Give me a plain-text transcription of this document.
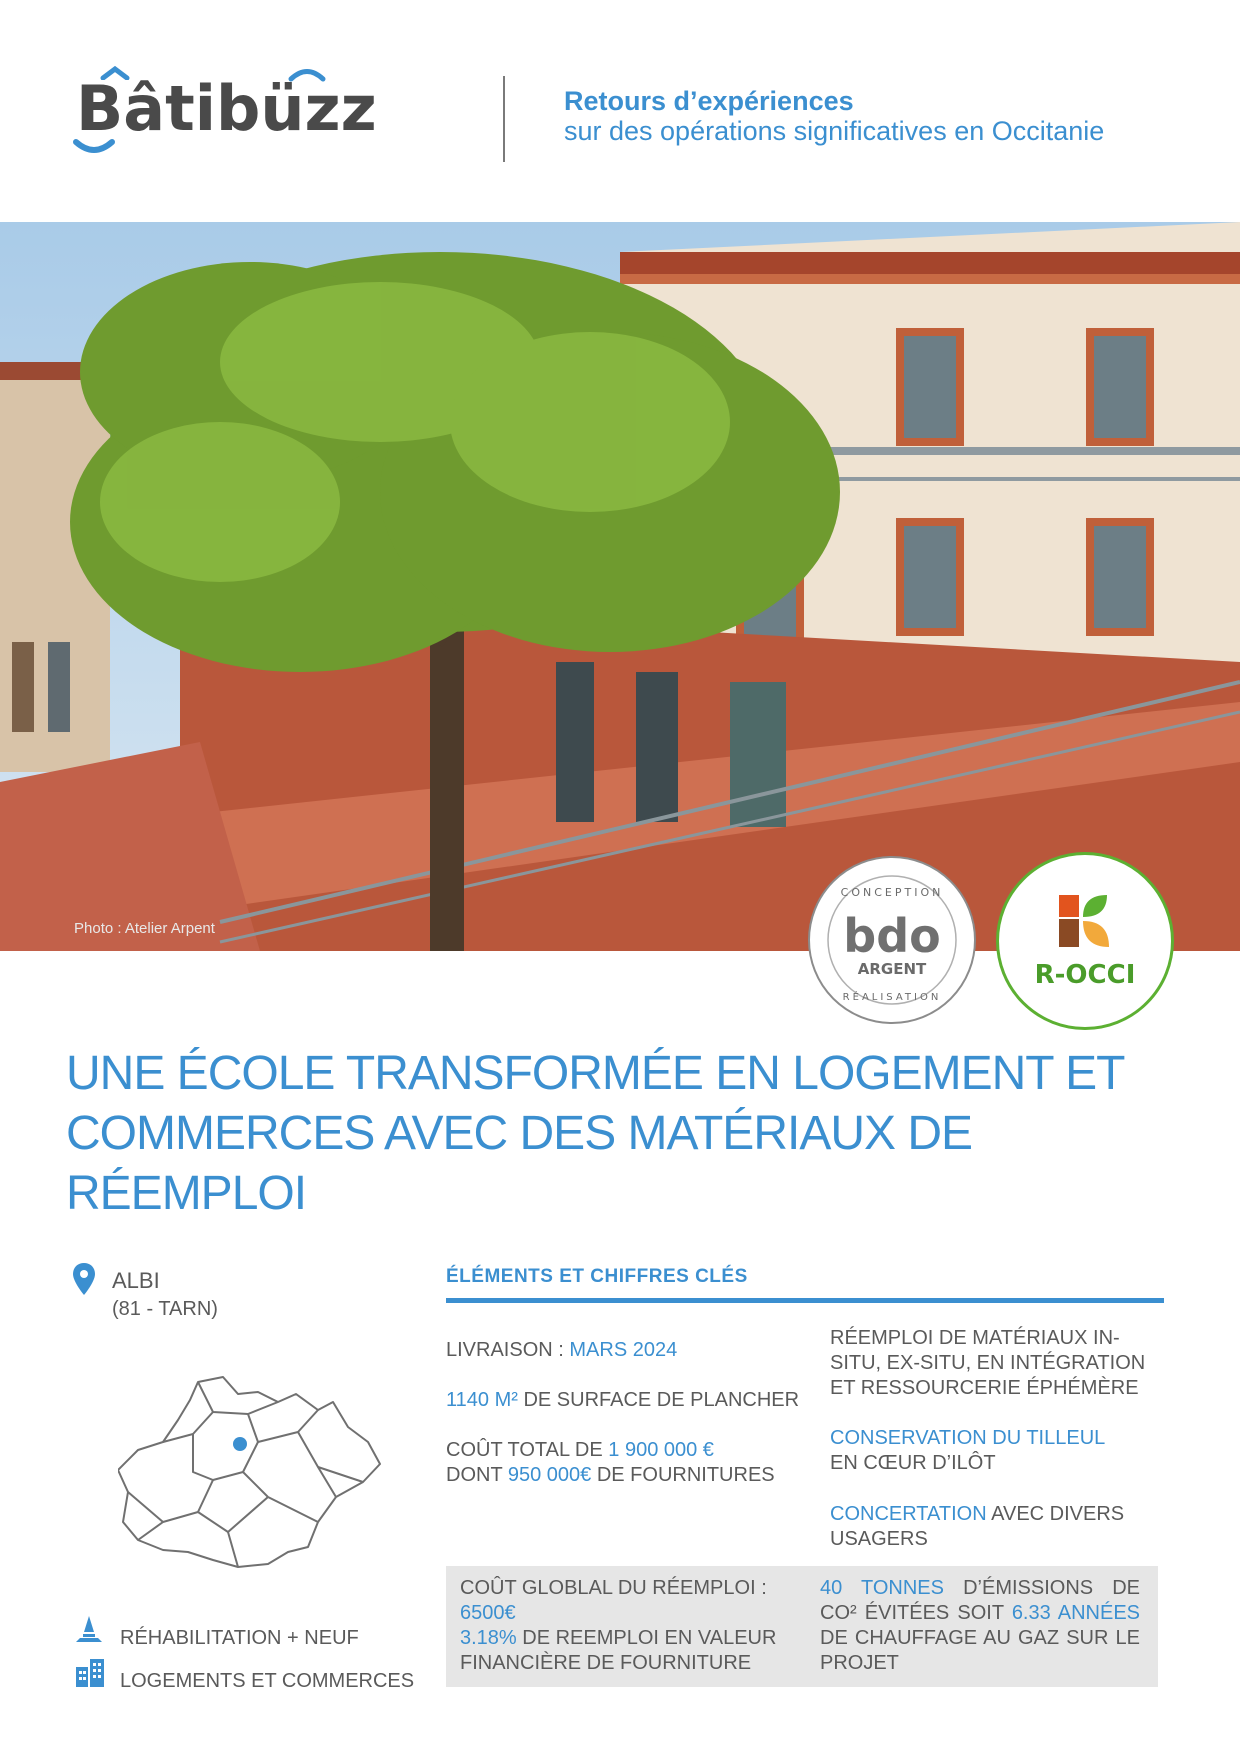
Bâtibüzz	Retours d’expériences
sur des opérations significatives en Occitanie
Photo : Atelier Arpent
CONCEPTION
bdo
ARGENT
RÉALISATION
R-OCCI
UNE ÉCOLE TRANSFORMÉE EN LOGEMENT ET COMMERCES AVEC DES MATÉRIAUX DE RÉEMPLOI
ALBI
(81 - TARN)
RÉHABILITATION + NEUF
LOGEMENTS ET COMMERCES
ÉLÉMENTS ET CHIFFRES CLÉS
LIVRAISON : MARS 2024
1140 M² DE SURFACE DE PLANCHER
COÛT TOTAL DE 1 900 000 €
DONT 950 000€ DE FOURNITURES
RÉEMPLOI DE MATÉRIAUX IN-SITU, EX-SITU, EN INTÉGRATION ET RESSOURCERIE ÉPHÉMÈRE
CONSERVATION DU TILLEUL
EN CŒUR D’ILÔT
CONCERTATION AVEC DIVERS USAGERS
COÛT GLOBLAL DU RÉEMPLOI :
6500€
3.18% DE REEMPLOI EN VALEUR FINANCIÈRE DE FOURNITURE
40 TONNES D’ÉMISSIONS DE CO² ÉVITÉES SOIT 6.33 ANNÉES DE CHAUFFAGE AU GAZ SUR LE PROJET
